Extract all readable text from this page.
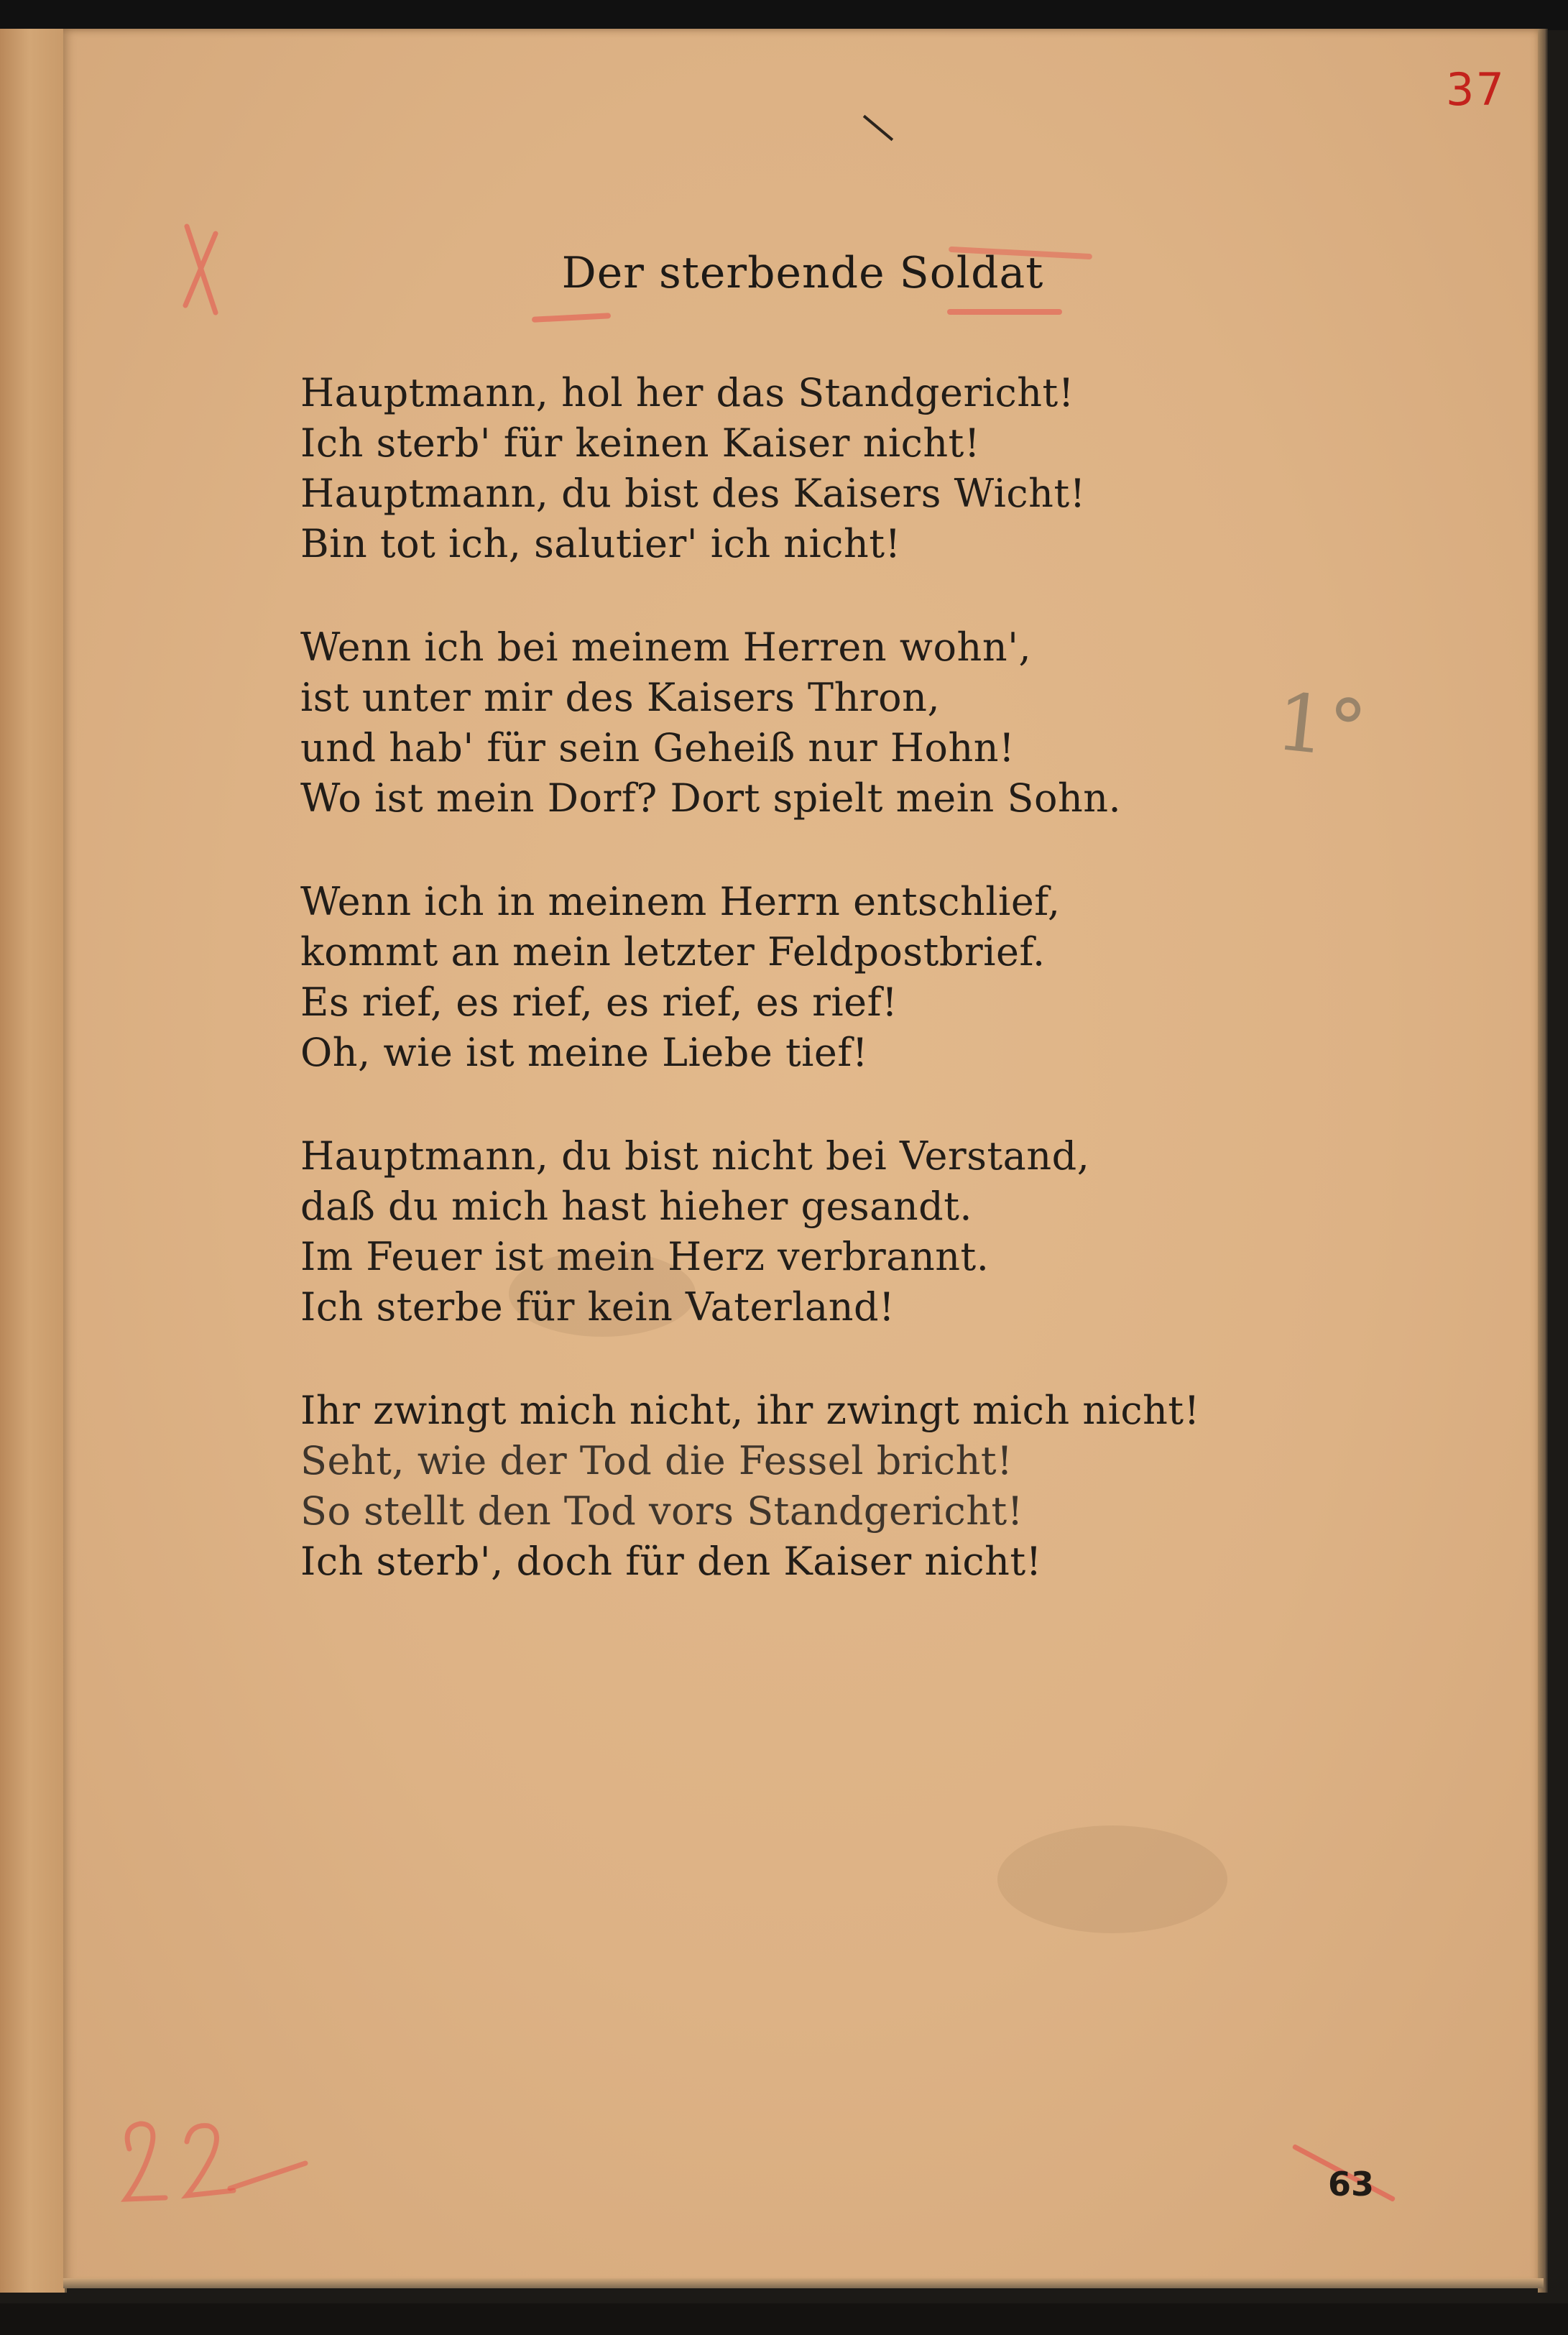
37
Der sterbende Soldat
Hauptmann, hol her das Standgericht!
Ich sterb' für keinen Kaiser nicht!
Hauptmann, du bist des Kaisers Wicht!
Bin tot ich, salutier' ich nicht!
Wenn ich bei meinem Herren wohn',
ist unter mir des Kaisers Thron,
und hab' für sein Geheiß nur Hohn!
Wo ist mein Dorf? Dort spielt mein Sohn.
Wenn ich in meinem Herrn entschlief,
kommt an mein letzter Feldpostbrief.
Es rief, es rief, es rief, es rief!
Oh, wie ist meine Liebe tief!
Hauptmann, du bist nicht bei Verstand,
daß du mich hast hieher gesandt.
Im Feuer ist mein Herz verbrannt.
Ich sterbe für kein Vaterland!
Ihr zwingt mich nicht, ihr zwingt mich nicht!
Seht, wie der Tod die Fessel bricht!
So stellt den Tod vors Standgericht!
Ich sterb', doch für den Kaiser nicht!
1°
63
